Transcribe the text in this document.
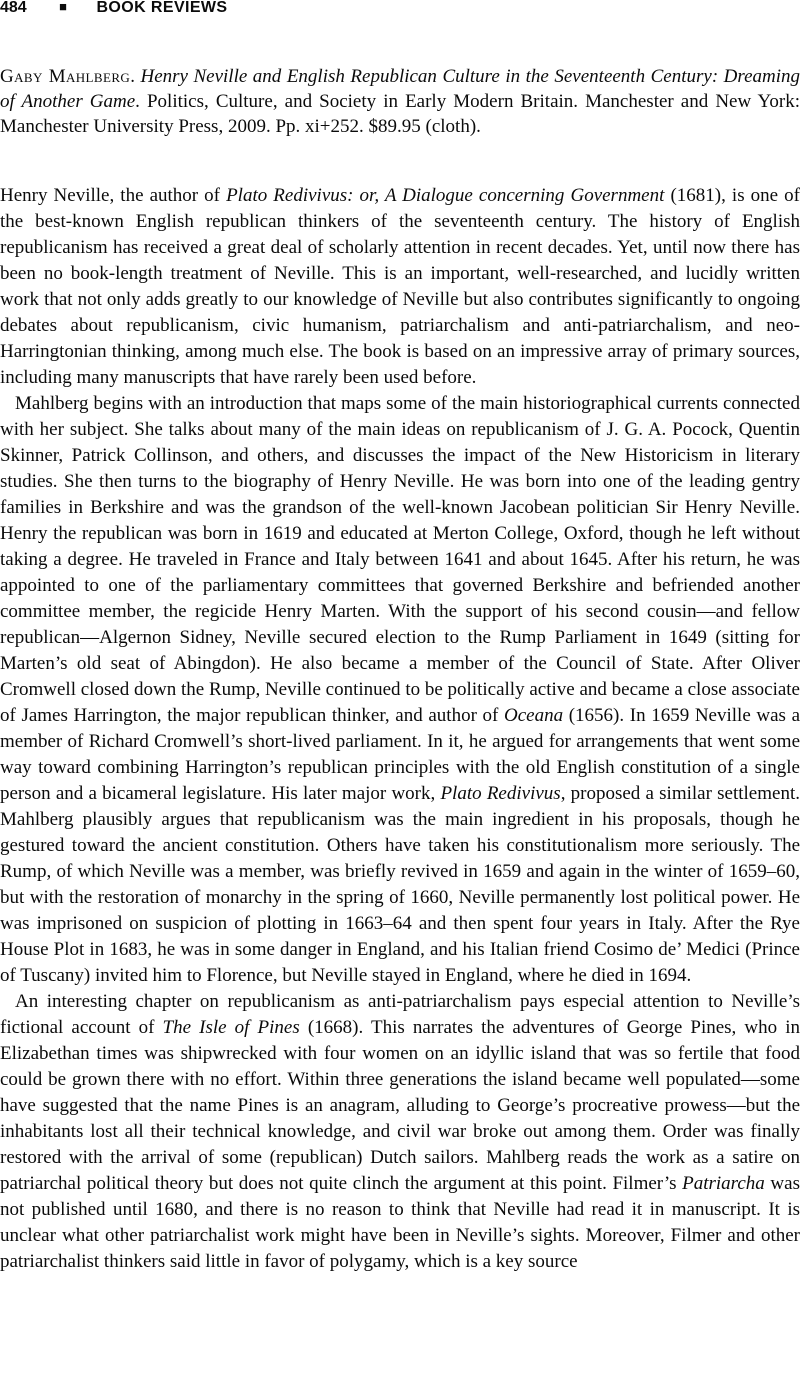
484 ■ BOOK REVIEWS
Gaby Mahlberg. Henry Neville and English Republican Culture in the Seventeenth Century: Dreaming of Another Game. Politics, Culture, and Society in Early Modern Britain. Manchester and New York: Manchester University Press, 2009. Pp. xi+252. $89.95 (cloth).

Henry Neville, the author of Plato Redivivus: or, A Dialogue concerning Government (1681), is one of the best-known English republican thinkers of the seventeenth century. The history of English republicanism has received a great deal of scholarly attention in recent decades. Yet, until now there has been no book-length treatment of Neville. This is an important, well-researched, and lucidly written work that not only adds greatly to our knowledge of Neville but also contributes significantly to ongoing debates about republicanism, civic humanism, patriarchalism and anti-patriarchalism, and neo-Harringtonian thinking, among much else. The book is based on an impressive array of primary sources, including many manuscripts that have rarely been used before.

Mahlberg begins with an introduction that maps some of the main historiographical currents connected with her subject. She talks about many of the main ideas on republicanism of J. G. A. Pocock, Quentin Skinner, Patrick Collinson, and others, and discusses the impact of the New Historicism in literary studies. She then turns to the biography of Henry Neville. He was born into one of the leading gentry families in Berkshire and was the grandson of the well-known Jacobean politician Sir Henry Neville. Henry the republican was born in 1619 and educated at Merton College, Oxford, though he left without taking a degree. He traveled in France and Italy between 1641 and about 1645. After his return, he was appointed to one of the parliamentary committees that governed Berkshire and befriended another committee member, the regicide Henry Marten. With the support of his second cousin—and fellow republican—Algernon Sidney, Neville secured election to the Rump Parliament in 1649 (sitting for Marten’s old seat of Abingdon). He also became a member of the Council of State. After Oliver Cromwell closed down the Rump, Neville continued to be politically active and became a close associate of James Harrington, the major republican thinker, and author of Oceana (1656). In 1659 Neville was a member of Richard Cromwell’s short-lived parliament. In it, he argued for arrangements that went some way toward combining Harrington’s republican principles with the old English constitution of a single person and a bicameral legislature. His later major work, Plato Redivivus, proposed a similar settlement. Mahlberg plausibly argues that republicanism was the main ingredient in his proposals, though he gestured toward the ancient constitution. Others have taken his constitutionalism more seriously. The Rump, of which Neville was a member, was briefly revived in 1659 and again in the winter of 1659–60, but with the restoration of monarchy in the spring of 1660, Neville permanently lost political power. He was imprisoned on suspicion of plotting in 1663–64 and then spent four years in Italy. After the Rye House Plot in 1683, he was in some danger in England, and his Italian friend Cosimo de’ Medici (Prince of Tuscany) invited him to Florence, but Neville stayed in England, where he died in 1694.

An interesting chapter on republicanism as anti-patriarchalism pays especial attention to Neville’s fictional account of The Isle of Pines (1668). This narrates the adventures of George Pines, who in Elizabethan times was shipwrecked with four women on an idyllic island that was so fertile that food could be grown there with no effort. Within three generations the island became well populated—some have suggested that the name Pines is an anagram, alluding to George’s procreative prowess—but the inhabitants lost all their technical knowledge, and civil war broke out among them. Order was finally restored with the arrival of some (republican) Dutch sailors. Mahlberg reads the work as a satire on patriarchal political theory but does not quite clinch the argument at this point. Filmer’s Patriarcha was not published until 1680, and there is no reason to think that Neville had read it in manuscript. It is unclear what other patriarchalist work might have been in Neville’s sights. Moreover, Filmer and other patriarchalist thinkers said little in favor of polygamy, which is a key source
